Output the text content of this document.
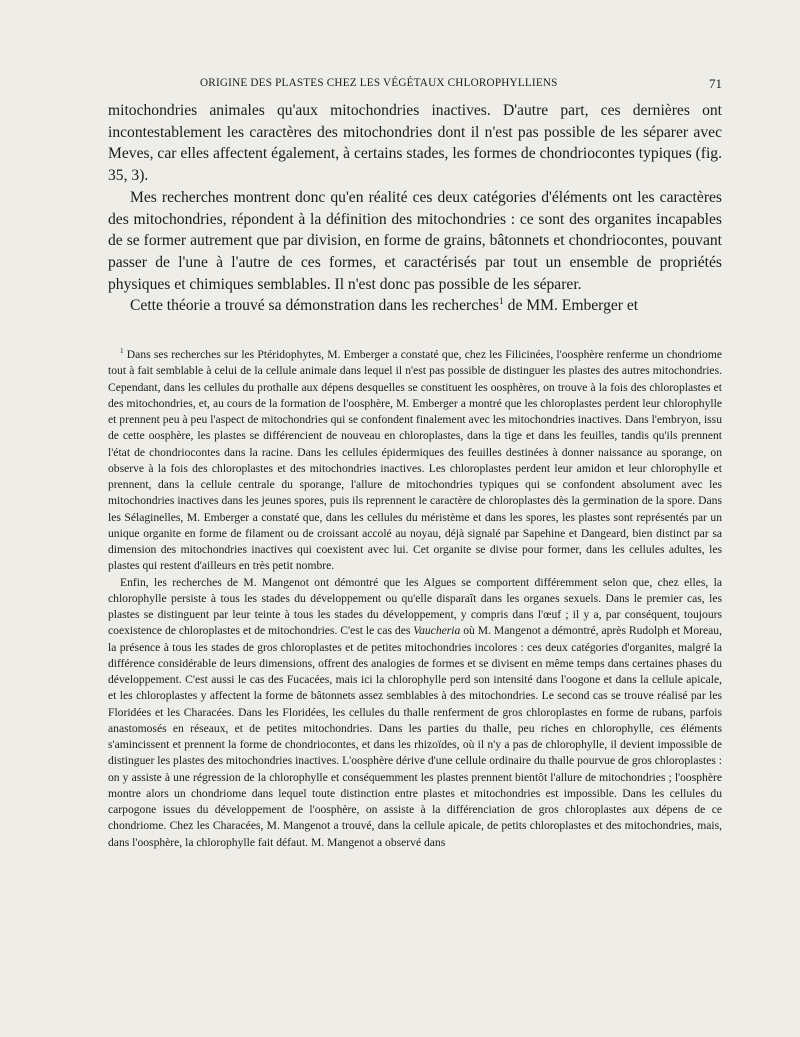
ORIGINE DES PLASTES CHEZ LES VÉGÉTAUX CHLOROPHYLLIENS	71

mitochondries animales qu'aux mitochondries inactives. D'autre part, ces dernières ont incontestablement les caractères des mitochondries dont il n'est pas possible de les séparer avec Meves, car elles affectent également, à certains stades, les formes de chondriocontes typiques (fig. 35, 3).

Mes recherches montrent donc qu'en réalité ces deux catégories d'éléments ont les caractères des mitochondries, répondent à la définition des mitochondries : ce sont des organites incapables de se former autrement que par division, en forme de grains, bâtonnets et chondriocontes, pouvant passer de l'une à l'autre de ces formes, et caractérisés par tout un ensemble de propriétés physiques et chimiques semblables. Il n'est donc pas possible de les séparer.

Cette théorie a trouvé sa démonstration dans les recherches$^1$ de MM. Emberger et

$^1$ Dans ses recherches sur les Ptéridophytes, M. Emberger a constaté que, chez les Filicinées, l'oosphère renferme un chondriome tout à fait semblable à celui de la cellule animale dans lequel il n'est pas possible de distinguer les plastes des autres mitochondries. Cependant, dans les cellules du prothalle aux dépens desquelles se constituent les oosphères, on trouve à la fois des chloroplastes et des mitochondries, et, au cours de la formation de l'oosphère, M. Emberger a montré que les chloroplastes perdent leur chlorophylle et prennent peu à peu l'aspect de mitochondries qui se confondent finalement avec les mitochondries inactives. Dans l'embryon, issu de cette oosphère, les plastes se différencient de nouveau en chloroplastes, dans la tige et dans les feuilles, tandis qu'ils prennent l'état de chondriocontes dans la racine. Dans les cellules épidermiques des feuilles destinées à donner naissance au sporange, on observe à la fois des chloroplastes et des mitochondries inactives. Les chloroplastes perdent leur amidon et leur chlorophylle et prennent, dans la cellule centrale du sporange, l'allure de mitochondries typiques qui se confondent absolument avec les mitochondries inactives dans les jeunes spores, puis ils reprennent le caractère de chloroplastes dès la germination de la spore. Dans les Sélaginelles, M. Emberger a constaté que, dans les cellules du méristème et dans les spores, les plastes sont représentés par un unique organite en forme de filament ou de croissant accolé au noyau, déjà signalé par Sapehine et Dangeard, bien distinct par sa dimension des mitochondries inactives qui coexistent avec lui. Cet organite se divise pour former, dans les cellules adultes, les plastes qui restent d'ailleurs en très petit nombre.

Enfin, les recherches de M. Mangenot ont démontré que les Algues se comportent différemment selon que, chez elles, la chlorophylle persiste à tous les stades du développement ou qu'elle disparaît dans les organes sexuels. Dans le premier cas, les plastes se distinguent par leur teinte à tous les stades du développement, y compris dans l'œuf ; il y a, par conséquent, toujours coexistence de chloroplastes et de mitochondries. C'est le cas des Vaucheria où M. Mangenot a démontré, après Rudolph et Moreau, la présence à tous les stades de gros chloroplastes et de petites mitochondries incolores : ces deux catégories d'organites, malgré la différence considérable de leurs dimensions, offrent des analogies de formes et se divisent en même temps dans certaines phases du développement. C'est aussi le cas des Fucacées, mais ici la chlorophylle perd son intensité dans l'oogone et dans la cellule apicale, et les chloroplastes y affectent la forme de bâtonnets assez semblables à des mitochondries. Le second cas se trouve réalisé par les Floridées et les Characées. Dans les Floridées, les cellules du thalle renferment de gros chloroplastes en forme de rubans, parfois anastomosés en réseaux, et de petites mitochondries. Dans les parties du thalle, peu riches en chlorophylle, ces éléments s'amincissent et prennent la forme de chondriocontes, et dans les rhizoïdes, où il n'y a pas de chlorophylle, il devient impossible de distinguer les plastes des mitochondries inactives. L'oosphère dérive d'une cellule ordinaire du thalle pourvue de gros chloroplastes : on y assiste à une régression de la chlorophylle et conséquemment les plastes prennent bientôt l'allure de mitochondries ; l'oosphère montre alors un chondriome dans lequel toute distinction entre plastes et mitochondries est impossible. Dans les cellules du carpogone issues du développement de l'oosphère, on assiste à la différenciation de gros chloroplastes aux dépens de ce chondriome. Chez les Characées, M. Mangenot a trouvé, dans la cellule apicale, de petits chloroplastes et des mitochondries, mais, dans l'oosphère, la chlorophylle fait défaut. M. Mangenot a observé dans
